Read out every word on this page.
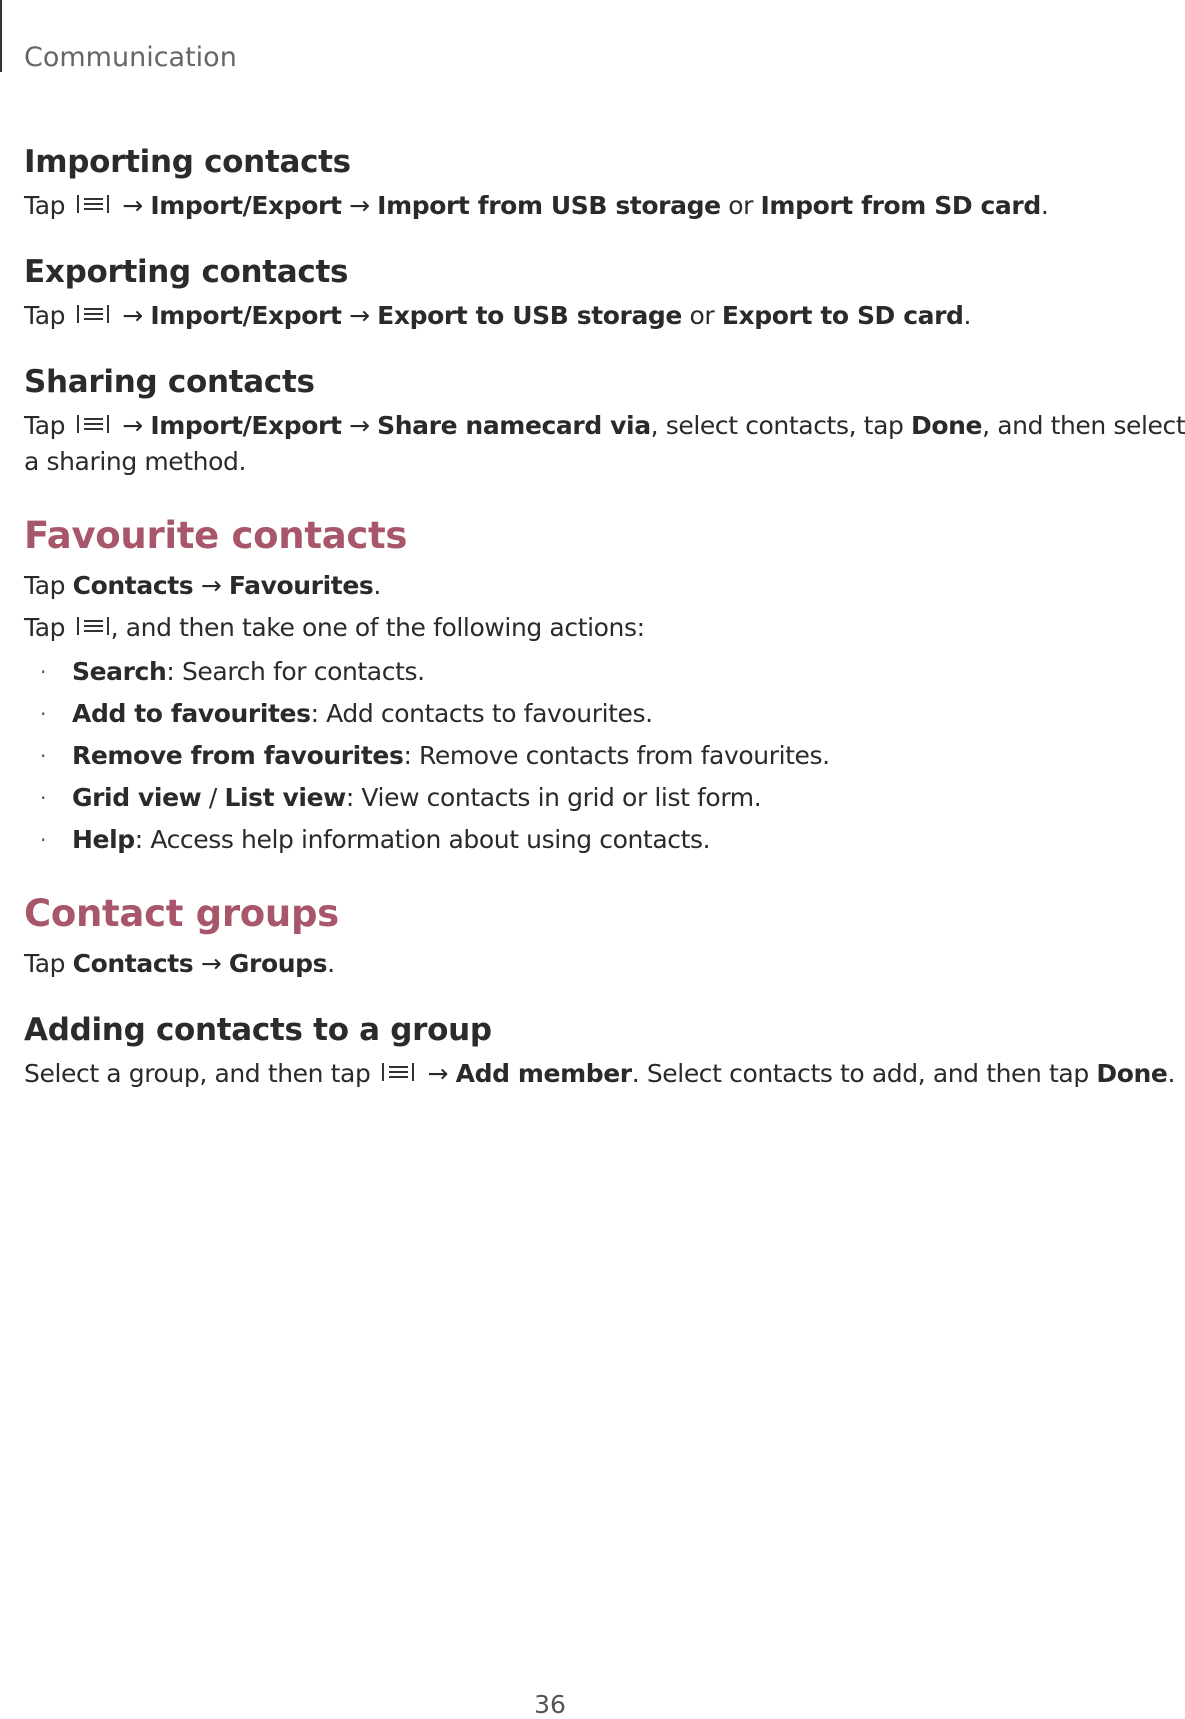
Communication
Importing contacts

Tap → Import/Export → Import from USB storage or Import from SD card.

Exporting contacts

Tap → Import/Export → Export to USB storage or Export to SD card.

Sharing contacts

Tap → Import/Export → Share namecard via, select contacts, tap Done, and then select

a sharing method.

Favourite contacts

Tap Contacts → Favourites.

Tap , and then take one of the following actions:

· Search: Search for contacts.
· Add to favourites: Add contacts to favourites.
· Remove from favourites: Remove contacts from favourites.
· Grid view / List view: View contacts in grid or list form.
· Help: Access help information about using contacts.
Contact groups

Tap Contacts → Groups.

Adding contacts to a group

Select a group, and then tap → Add member. Select contacts to add, and then tap Done.

36
